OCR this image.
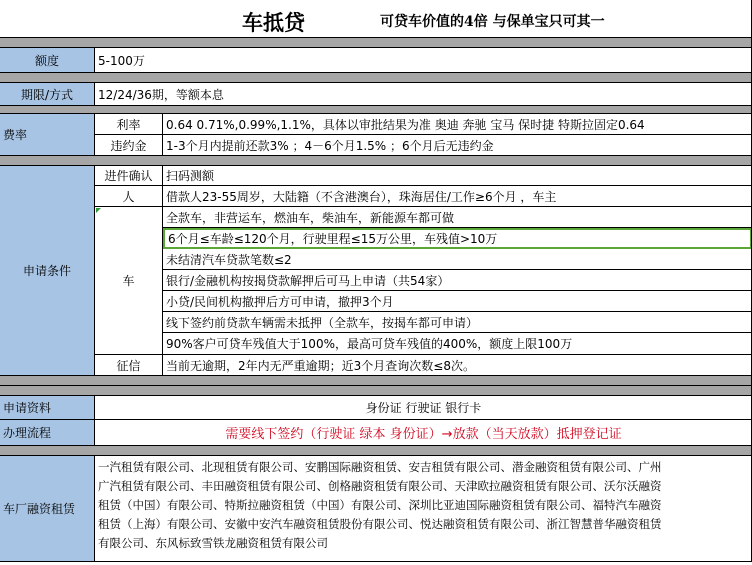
车抵贷	可贷车价值的4倍 与保单宝只可其一
额度	5-100万
期限/方式	12/24/36期，等额本息
费率
利率	0.64 0.71%,0.99%,1.1%，具体以审批结果为准 奥迪 奔驰 宝马 保时捷 特斯拉固定0.64
违约金	1-3个月内提前还款3% ；4－6个月1.5% ；6个月后无违约金
申请条件
进件确认	扫码测额
人	借款人23-55周岁，大陆籍（不含港澳台），珠海居住/工作≥6个月 ，车主
车
全款车，非营运车，燃油车，柴油车，新能源车都可做
6个月≤车龄≤120个月，行驶里程≤15万公里，车残值>10万
未结清汽车贷款笔数≤2
银行/金融机构按揭贷款解押后可马上申请（共54家）
小贷/民间机构撤押后方可申请，撤押3个月
线下签约前贷款车辆需未抵押（全款车，按揭车都可申请）
90%客户可贷车残值大于100%，最高可贷车残值的400%，额度上限100万
征信	当前无逾期，2年内无严重逾期；近3个月查询次数≤8次。
申请资料	身份证 行驶证 银行卡
办理流程	需要线下签约（行驶证 绿本 身份证）→放款（当天放款）抵押登记证
车厂融资租赁
一汽租赁有限公司、北现租赁有限公司、安鹏国际融资租赁、安吉租赁有限公司、潜金融资租赁有限公司、广州
广汽租赁有限公司、丰田融资租赁有限公司、创格融资租赁有限公司、天津欧拉融资租赁有限公司、沃尔沃融资
租赁（中国）有限公司、特斯拉融资租赁（中国）有限公司、深圳比亚迪国际融资租赁有限公司、福特汽车融资
租赁（上海）有限公司、安徽中安汽车融资租赁股份有限公司、悦达融资租赁有限公司、浙江智慧普华融资租赁
有限公司、东风标致雪铁龙融资租赁有限公司
